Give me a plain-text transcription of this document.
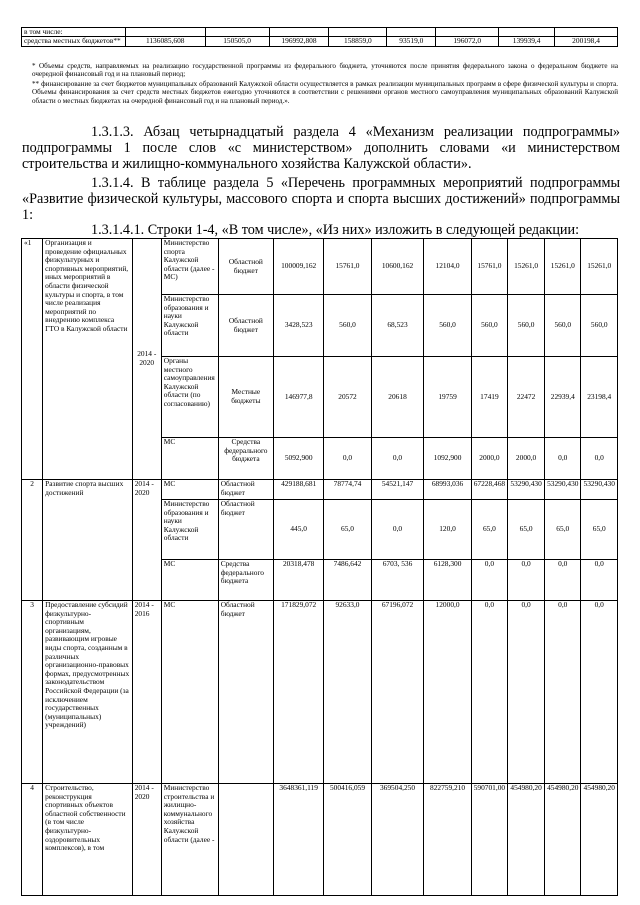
в том числе:								
средства местных бюджетов**	1136085,608	150505,0	196992,808	158859,0	93519,0	196072,0	139939,4	200198,4
* Объемы средств, направляемых на реализацию государственной программы из федерального бюджета, уточняются после принятия федерального закона о федеральном бюджете на очередной финансовый год и на плановый период;
** финансирование за счет бюджетов муниципальных образований Калужской области осуществляется в рамках реализации муниципальных программ в сфере физической культуры и спорта. Объемы финансирования за счет средств местных бюджетов ежегодно уточняются в соответствии с решениями органов местного самоуправления муниципальных образований Калужской области о местных бюджетах на очередной финансовый год и на плановый период.».
1.3.1.3. Абзац четырнадцатый раздела 4 «Механизм реализации подпрограммы» подпрограммы 1 после слов «с министерством» дополнить словами «и министерством строительства и жилищно-коммунального хозяйства Калужской области».
1.3.1.4. В таблице раздела 5 «Перечень программных мероприятий подпрограммы «Развитие физической культуры, массового спорта и спорта высших достижений» подпрограммы 1:
1.3.1.4.1. Строки 1-4, «В том числе», «Из них» изложить в следующей редакции:
«1	Организация и проведение официальных физкультурных и спортивных мероприятий, иных мероприятий в области физической культуры и спорта, в том числе реализация мероприятий по внедрению комплекса ГТО в Калужской области	2014 - 2020	Министерство спорта Калужской области (далее - МС)	Областной бюджет	100009,162	15761,0	10600,162	12104,0	15761,0	15261,0	15261,0	15261,0
			Министерство образования и науки Калужской области	Областной бюджет	3428,523	560,0	68,523	560,0	560,0	560,0	560,0	560,0
			Органы местного самоуправления Калужской области (по согласованию)	Местные бюджеты	146977,8	20572	20618	19759	17419	22472	22939,4	23198,4
			МС	Средства федерального бюджета	5092,900	0,0	0,0	1092,900	2000,0	2000,0	0,0	0,0
2	Развитие спорта высших достижений	2014 - 2020	МС	Областной бюджет	429188,681	78774,74	54521,147	68993,036	67228,468	53290,430	53290,430	53290,430
			Министерство образования и науки Калужской области	Областной бюджет	445,0	65,0	0,0	120,0	65,0	65,0	65,0	65,0
			МС	Средства федерального бюджета	20318,478	7486,642	6703, 536	6128,300	0,0	0,0	0,0	0,0
3	Предоставление субсидий физкультурно-спортивным организациям, развивающим игровые виды спорта, созданным в различных организационно-правовых формах, предусмотренных законодательством Российской Федерации (за исключением государственных (муниципальных) учреждений)	2014 - 2016	МС	Областной бюджет	171829,072	92633,0	67196,072	12000,0	0,0	0,0	0,0	0,0
4	Строительство, реконструкция спортивных объектов областной собственности (в том числе физкультурно-оздоровительных комплексов), в том	2014 - 2020	Министерство строительства и жилищно-коммунального хозяйства Калужской области (далее -		3648361,119	500416,059	369504,250	822759,210	590701,00	454980,20	454980,20	454980,20
